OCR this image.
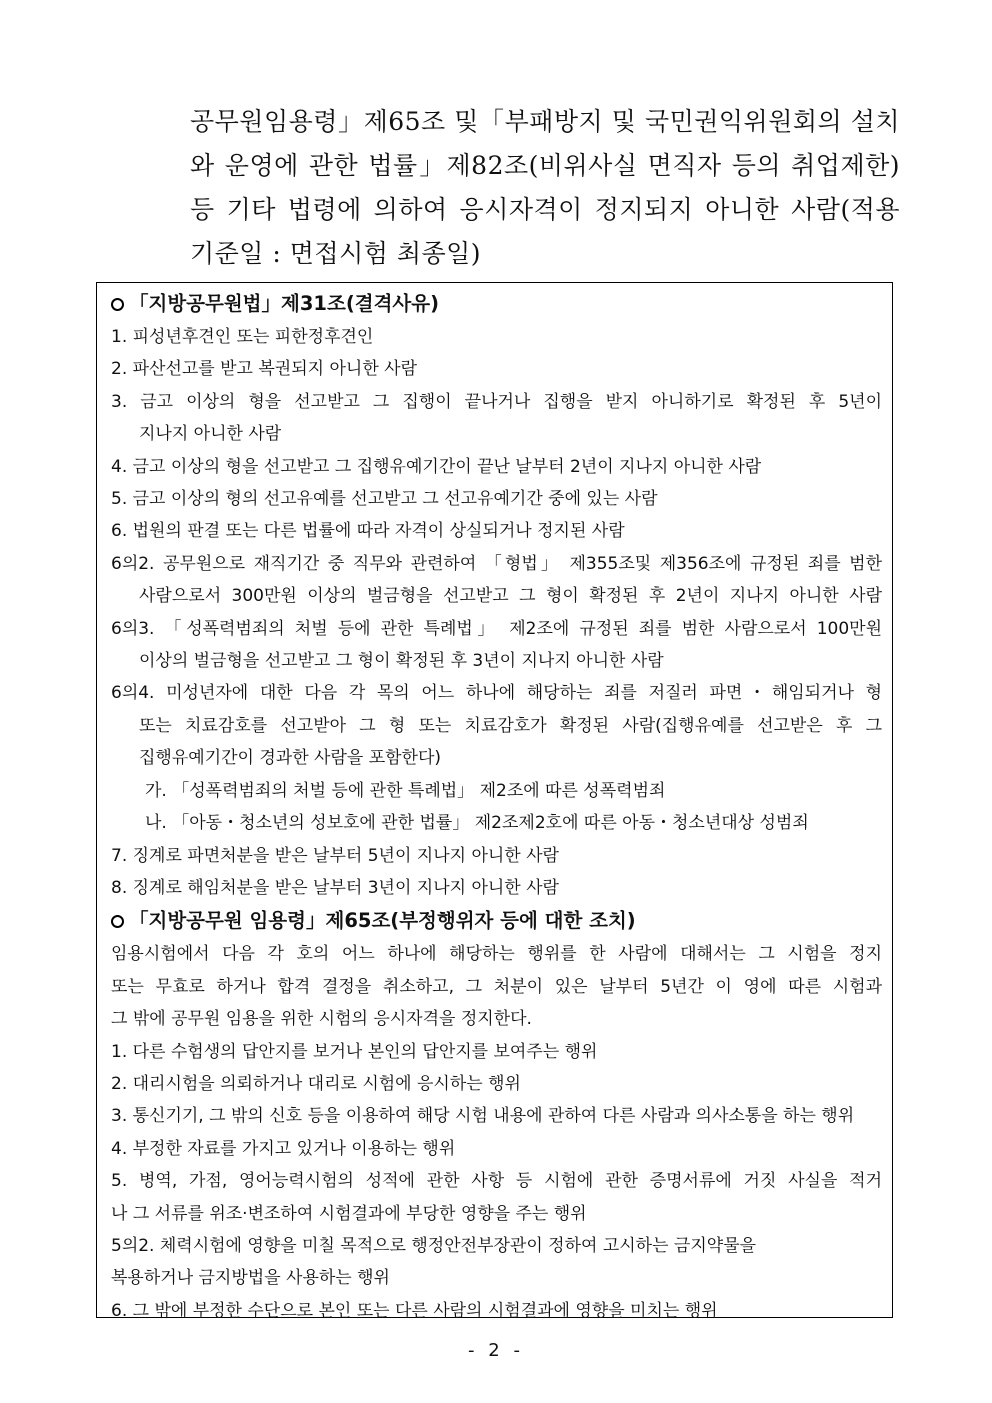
공무원임용령」제65조 및「부패방지 및 국민권익위원회의 설치와 운영에 관한 법률」제82조(비위사실 면직자 등의 취업제한) 등 기타 법령에 의하여 응시자격이 정지되지 아니한 사람(적용 기준일 : 면접시험 최종일)
「지방공무원법」제31조(결격사유)
1. 피성년후견인 또는 피한정후견인
2. 파산선고를 받고 복권되지 아니한 사람
3. 금고 이상의 형을 선고받고 그 집행이 끝나거나 집행을 받지 아니하기로 확정된 후 5년이
지나지 아니한 사람
4. 금고 이상의 형을 선고받고 그 집행유예기간이 끝난 날부터 2년이 지나지 아니한 사람
5. 금고 이상의 형의 선고유예를 선고받고 그 선고유예기간 중에 있는 사람
6. 법원의 판결 또는 다른 법률에 따라 자격이 상실되거나 정지된 사람
6의2. 공무원으로 재직기간 중 직무와 관련하여 「형법」 제355조및 제356조에 규정된 죄를 범한
사람으로서 300만원 이상의 벌금형을 선고받고 그 형이 확정된 후 2년이 지나지 아니한 사람
6의3. 「성폭력범죄의 처벌 등에 관한 특례법」 제2조에 규정된 죄를 범한 사람으로서 100만원
이상의 벌금형을 선고받고 그 형이 확정된 후 3년이 지나지 아니한 사람
6의4. 미성년자에 대한 다음 각 목의 어느 하나에 해당하는 죄를 저질러 파면・해임되거나 형
또는 치료감호를 선고받아 그 형 또는 치료감호가 확정된 사람(집행유예를 선고받은 후 그
집행유예기간이 경과한 사람을 포함한다)
가. 「성폭력범죄의 처벌 등에 관한 특례법」 제2조에 따른 성폭력범죄
나. 「아동・청소년의 성보호에 관한 법률」 제2조제2호에 따른 아동・청소년대상 성범죄
7. 징계로 파면처분을 받은 날부터 5년이 지나지 아니한 사람
8. 징계로 해임처분을 받은 날부터 3년이 지나지 아니한 사람
「지방공무원 임용령」제65조(부정행위자 등에 대한 조치)
임용시험에서 다음 각 호의 어느 하나에 해당하는 행위를 한 사람에 대해서는 그 시험을 정지
또는 무효로 하거나 합격 결정을 취소하고, 그 처분이 있은 날부터 5년간 이 영에 따른 시험과
그 밖에 공무원 임용을 위한 시험의 응시자격을 정지한다.
1. 다른 수험생의 답안지를 보거나 본인의 답안지를 보여주는 행위
2. 대리시험을 의뢰하거나 대리로 시험에 응시하는 행위
3. 통신기기, 그 밖의 신호 등을 이용하여 해당 시험 내용에 관하여 다른 사람과 의사소통을 하는 행위
4. 부정한 자료를 가지고 있거나 이용하는 행위
5. 병역, 가점, 영어능력시험의 성적에 관한 사항 등 시험에 관한 증명서류에 거짓 사실을 적거
나 그 서류를 위조·변조하여 시험결과에 부당한 영향을 주는 행위
5의2. 체력시험에 영향을 미칠 목적으로 행정안전부장관이 정하여 고시하는 금지약물을
복용하거나 금지방법을 사용하는 행위
6. 그 밖에 부정한 수단으로 본인 또는 다른 사람의 시험결과에 영향을 미치는 행위
- 2 -
